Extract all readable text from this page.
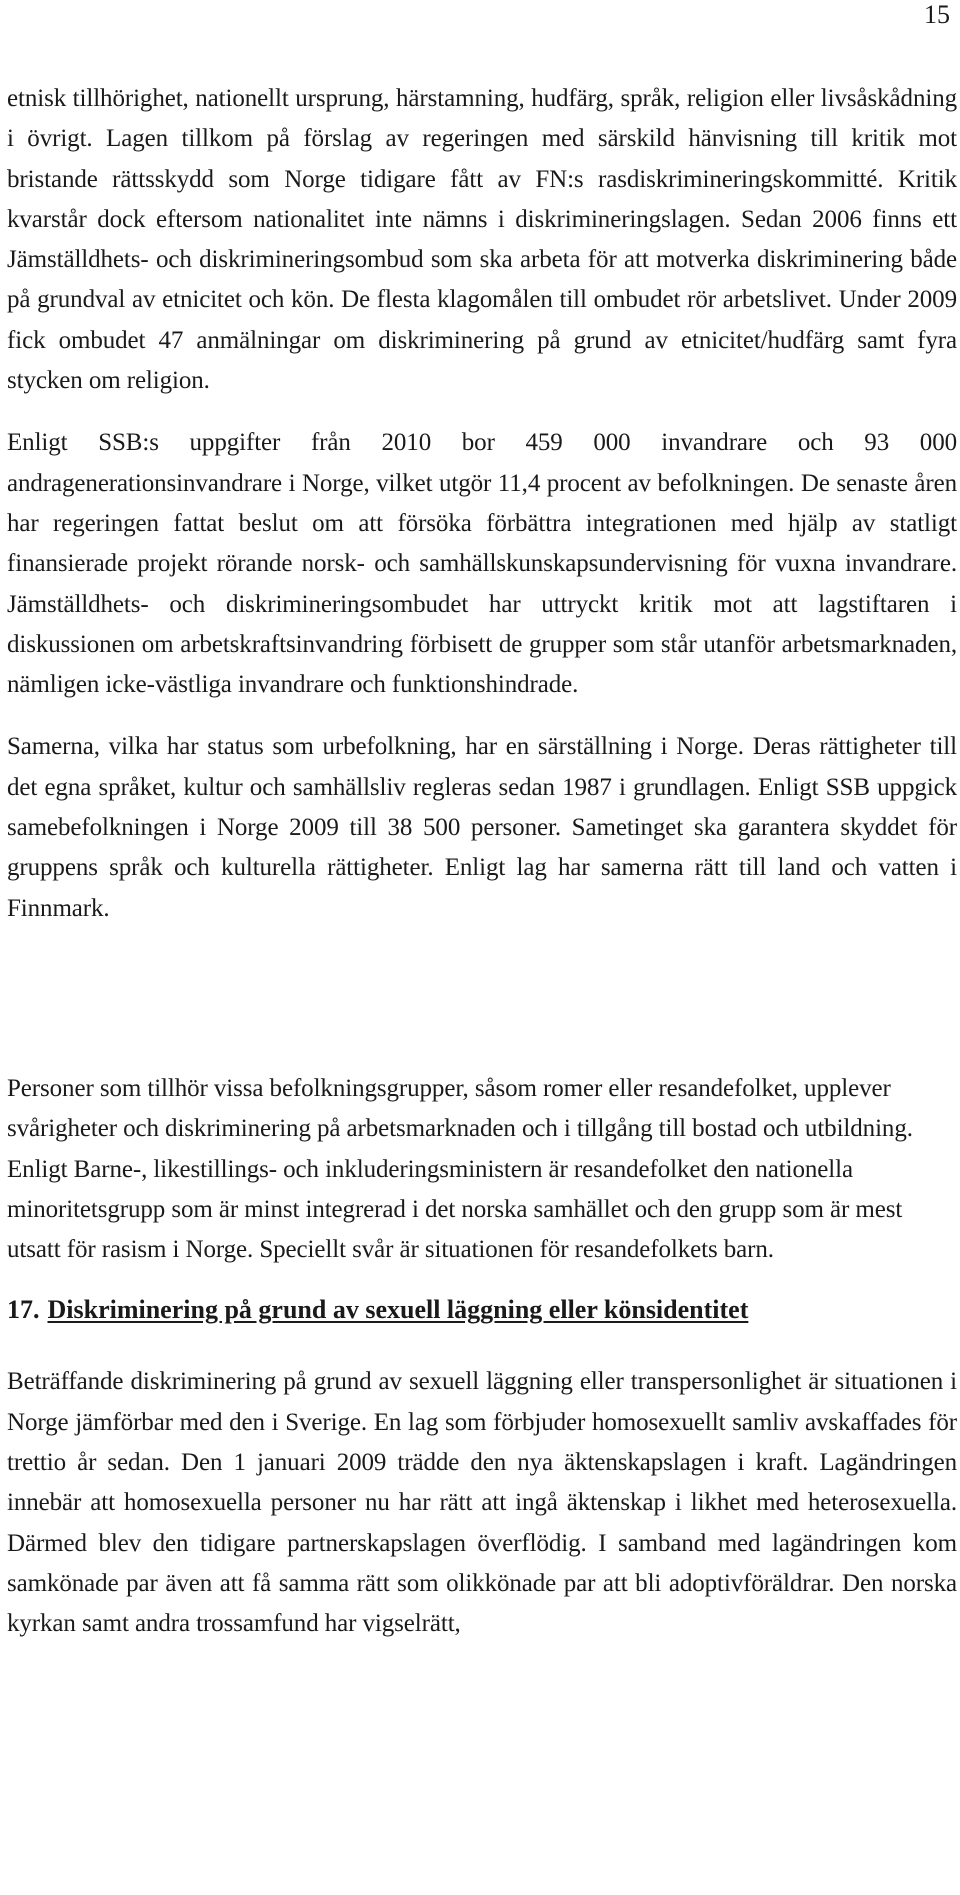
15

etnisk tillhörighet, nationellt ursprung, härstamning, hudfärg, språk, religion eller livsåskådning i övrigt. Lagen tillkom på förslag av regeringen med särskild hänvisning till kritik mot bristande rättsskydd som Norge tidigare fått av FN:s rasdiskrimineringskommitté. Kritik kvarstår dock eftersom nationalitet inte nämns i diskrimineringslagen. Sedan 2006 finns ett Jämställdhets- och diskrimineringsombud som ska arbeta för att motverka diskriminering både på grundval av etnicitet och kön. De flesta klagomålen till ombudet rör arbetslivet. Under 2009 fick ombudet 47 anmälningar om diskriminering på grund av etnicitet/hudfärg samt fyra stycken om religion.

Enligt SSB:s uppgifter från 2010 bor 459 000 invandrare och 93 000 andragenerationsinvandrare i Norge, vilket utgör 11,4 procent av befolkningen. De senaste åren har regeringen fattat beslut om att försöka förbättra integrationen med hjälp av statligt finansierade projekt rörande norsk- och samhällskunskapsundervisning för vuxna invandrare. Jämställdhets- och diskrimineringsombudet har uttryckt kritik mot att lagstiftaren i diskussionen om arbetskraftsinvandring förbisett de grupper som står utanför arbetsmarknaden, nämligen icke-västliga invandrare och funktionshindrade.

Samerna, vilka har status som urbefolkning, har en särställning i Norge. Deras rättigheter till det egna språket, kultur och samhällsliv regleras sedan 1987 i grundlagen. Enligt SSB uppgick samebefolkningen i Norge 2009 till 38 500 personer. Sametinget ska garantera skyddet för gruppens språk och kulturella rättigheter. Enligt lag har samerna rätt till land och vatten i Finnmark.

Personer som tillhör vissa befolkningsgrupper, såsom romer eller resandefolket, upplever svårigheter och diskriminering på arbetsmarknaden och i tillgång till bostad och utbildning. Enligt Barne-, likestillings- och inkluderingsministern är resandefolket den nationella minoritetsgrupp som är minst integrerad i det norska samhället och den grupp som är mest utsatt för rasism i Norge. Speciellt svår är situationen för resandefolkets barn.

17. Diskriminering på grund av sexuell läggning eller könsidentitet

Beträffande diskriminering på grund av sexuell läggning eller transpersonlighet är situationen i Norge jämförbar med den i Sverige. En lag som förbjuder homosexuellt samliv avskaffades för trettio år sedan. Den 1 januari 2009 trädde den nya äktenskapslagen i kraft. Lagändringen innebär att homosexuella personer nu har rätt att ingå äktenskap i likhet med heterosexuella. Därmed blev den tidigare partnerskapslagen överflödig. I samband med lagändringen kom samkönade par även att få samma rätt som olikkönade par att bli adoptivföräldrar. Den norska kyrkan samt andra trossamfund har vigselrätt,
